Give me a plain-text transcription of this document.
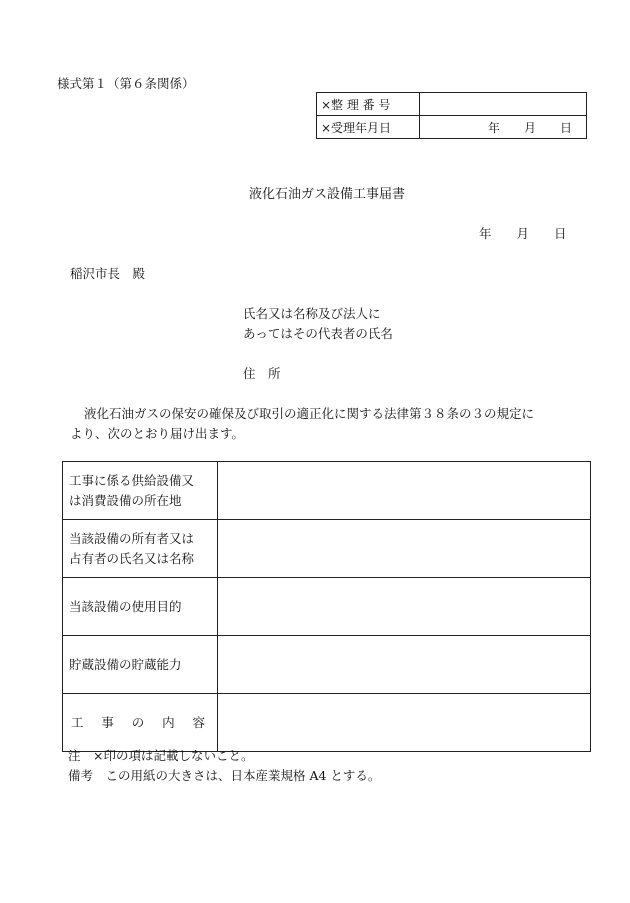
様式第１（第６条関係）
×整 理 番 号	
×受理年月日	年　　月　　日
液化石油ガス設備工事届書
年　　月　　日
稲沢市長　殿
氏名又は名称及び法人に
あってはその代表者の氏名
住　所
液化石油ガスの保安の確保及び取引の適正化に関する法律第３８条の３の規定に
より、次のとおり届け出ます。
工事に係る供給設備又
は消費設備の所在地	

当該設備の所有者又は
占有者の氏名又は名称	

当該設備の使用目的	

貯蔵設備の貯蔵能力	

工 事 の 内 容	

注　×印の項は記載しないこと。
備考　この用紙の大きさは、日本産業規格 A4 とする。
